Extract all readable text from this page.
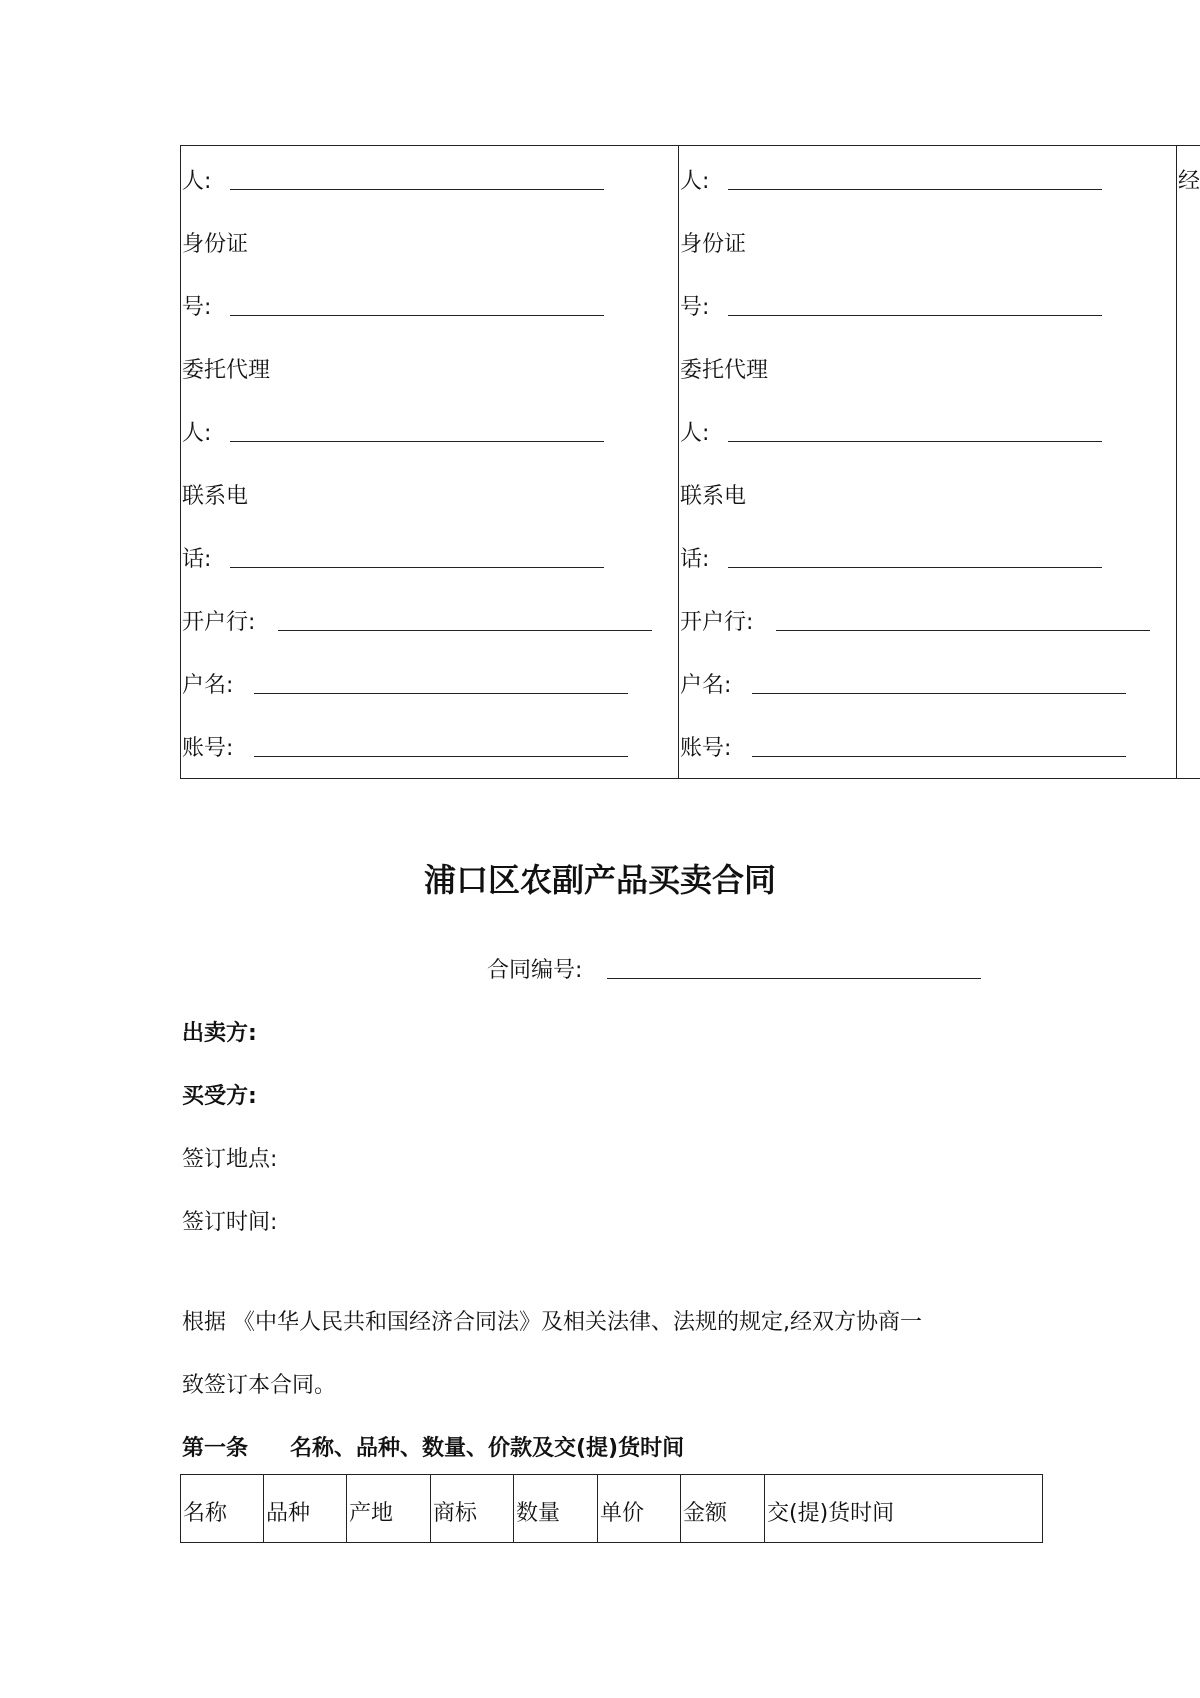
人:
身份证
号:
委托代理
人:
联系电
话:
开户行:
户名:
账号:
人:
身份证
号:
委托代理
人:
联系电
话:
开户行:
户名:
账号:
经
浦口区农副产品买卖合同
合同编号:
出卖方:
买受方:
签订地点:
签订时间:
根据 《中华人民共和国经济合同法》及相关法律、法规的规定,经双方协商一
致签订本合同。
第一条 名称、品种、数量、价款及交(提)货时间
名称 品种 产地 商标 数量 单价 金额 交(提)货时间
